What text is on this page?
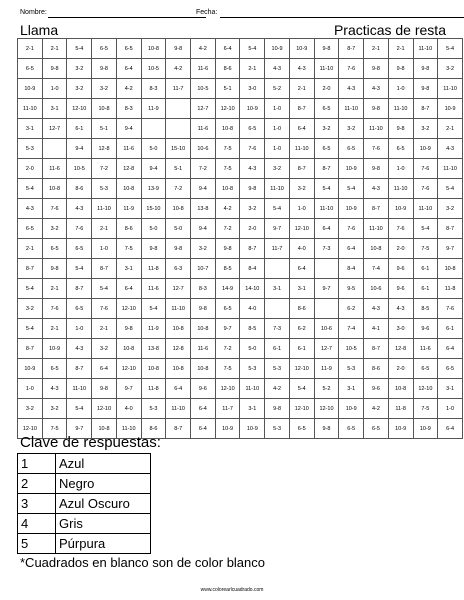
Nombre:	Fecha:
Llama	Practicas de resta
2-1	2-1	5-4	6-5	6-5	10-8	9-8	4-2	6-4	5-4	10-9	10-9	9-8	8-7	2-1	2-1	11-10	5-4
6-5	9-8	3-2	9-8	6-4	10-5	4-2	11-6	8-6	2-1	4-3	4-3	11-10	7-6	9-8	9-8	9-8	3-2
10-9	1-0	3-2	3-2	4-2	8-3	11-7	10-5	5-1	3-0	5-2	2-1	2-0	4-3	4-3	1-0	9-8	11-10
11-10	3-1	12-10	10-8	8-3	11-9		12-7	12-10	10-9	1-0	8-7	6-5	11-10	9-8	11-10	8-7	10-9
3-1	12-7	6-1	5-1	9-4			11-6	10-8	6-5	1-0	6-4	3-2	3-2	11-10	9-8	3-2	2-1
5-3		9-4	12-8	11-6	5-0	15-10	10-6	7-5	7-6	1-0	11-10	6-5	6-5	7-6	6-5	10-9	4-3
2-0	11-6	10-5	7-2	12-8	9-4	5-1	7-2	7-5	4-3	3-2	8-7	8-7	10-9	9-8	1-0	7-6	11-10
5-4	10-8	8-6	5-3	10-8	13-9	7-2	9-4	10-8	9-8	11-10	3-2	5-4	5-4	4-3	11-10	7-6	5-4
4-3	7-6	4-3	11-10	11-9	15-10	10-8	13-8	4-2	3-2	5-4	1-0	11-10	10-9	8-7	10-9	11-10	3-2
6-5	3-2	7-6	2-1	8-6	5-0	5-0	9-4	7-2	2-0	9-7	12-10	6-4	7-6	11-10	7-6	5-4	8-7
2-1	6-5	6-5	1-0	7-5	9-8	9-8	3-2	9-8	8-7	11-7	4-0	7-3	6-4	10-8	2-0	7-5	9-7
8-7	9-8	5-4	8-7	3-1	11-8	6-3	10-7	8-5	8-4		6-4		8-4	7-4	9-6	6-1	10-8
5-4	2-1	8-7	5-4	6-4	11-6	12-7	8-3	14-9	14-10	3-1	3-1	9-7	9-5	10-6	9-6	6-1	11-8
3-2	7-6	6-5	7-6	12-10	5-4	11-10	9-8	6-5	4-0		8-6		6-2	4-3	4-3	8-5	7-6
5-4	2-1	1-0	2-1	9-8	11-9	10-8	10-8	9-7	8-5	7-3	6-2	10-6	7-4	4-1	3-0	9-6	6-1
8-7	10-9	4-3	3-2	10-8	13-8	12-8	11-6	7-2	5-0	6-1	6-1	12-7	10-5	8-7	12-8	11-6	6-4
10-9	6-5	8-7	6-4	12-10	10-8	10-8	10-8	7-5	5-3	5-3	12-10	11-9	5-3	8-6	2-0	6-5	6-5
1-0	4-3	11-10	9-8	9-7	11-8	6-4	9-6	12-10	11-10	4-2	5-4	5-2	3-1	9-6	10-8	12-10	3-1
3-2	3-2	5-4	12-10	4-0	5-3	11-10	6-4	11-7	3-1	9-8	12-10	12-10	10-9	4-2	11-8	7-5	1-0
12-10	7-5	9-7	10-8	11-10	8-6	8-7	6-4	10-9	10-9	5-3	6-5	9-8	6-5	6-5	10-9	10-9	6-4
Clave de respuestas:
1	Azul
2	Negro
3	Azul Oscuro
4	Gris
5	Púrpura
*Cuadrados en blanco son de color blanco
www.colorearlcuadrado.com
